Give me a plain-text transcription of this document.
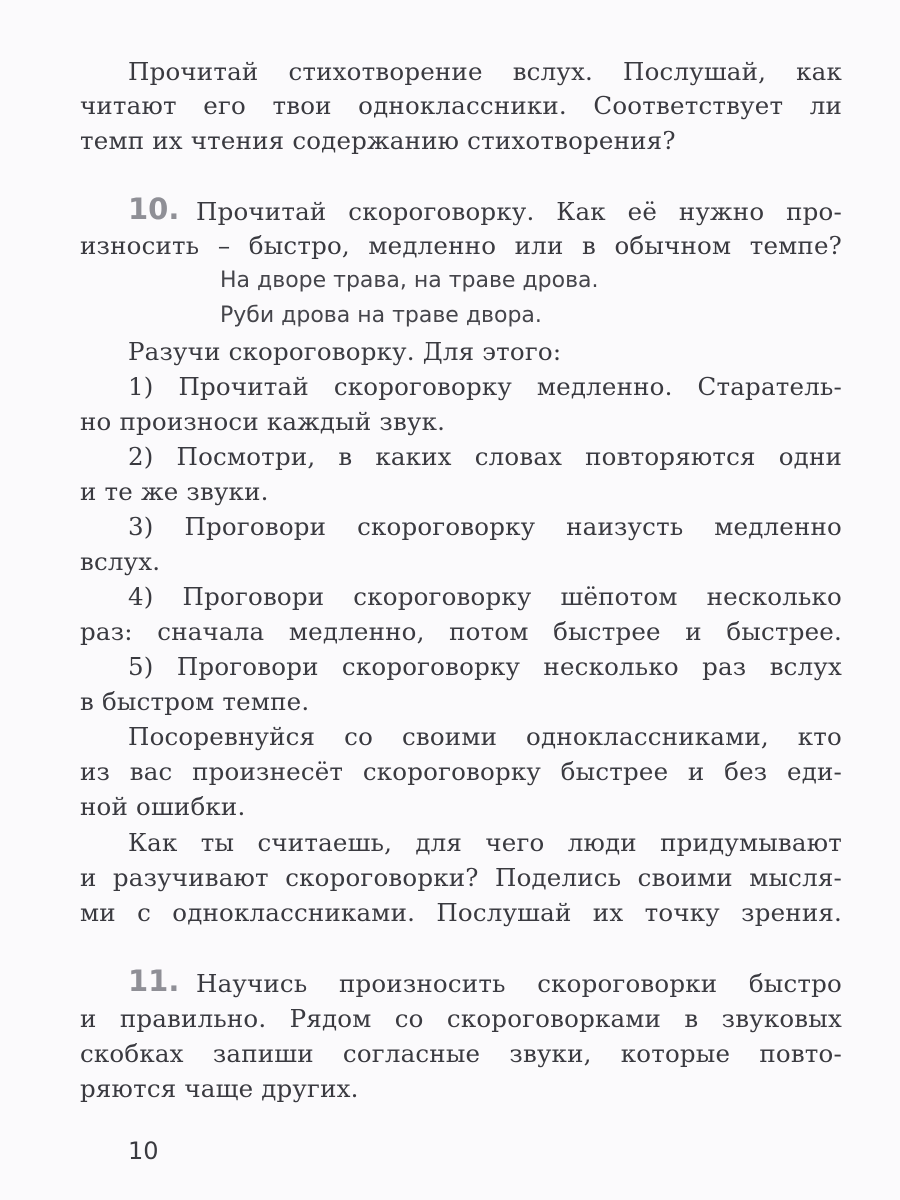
Прочитай стихотворение вслух. Послушай, как
читают его твои одноклассники. Соответствует ли
темп их чтения содержанию стихотворения?
10. Прочитай скороговорку. Как её нужно про-
износить – быстро, медленно или в обычном темпе?
На дворе трава, на траве дрова.
Руби дрова на траве двора.
Разучи скороговорку. Для этого:
1) Прочитай скороговорку медленно. Старатель-
но произноси каждый звук.
2) Посмотри, в каких словах повторяются одни
и те же звуки.
3) Проговори скороговорку наизусть медленно
вслух.
4) Проговори скороговорку шёпотом несколько
раз: сначала медленно, потом быстрее и быстрее.
5) Проговори скороговорку несколько раз вслух
в быстром темпе.
Посоревнуйся со своими одноклассниками, кто
из вас произнесёт скороговорку быстрее и без еди-
ной ошибки.
Как ты считаешь, для чего люди придумывают
и разучивают скороговорки? Поделись своими мысля-
ми с одноклассниками. Послушай их точку зрения.
11. Научись произносить скороговорки быстро
и правильно. Рядом со скороговорками в звуковых
скобках запиши согласные звуки, которые повто-
ряются чаще других.
10
